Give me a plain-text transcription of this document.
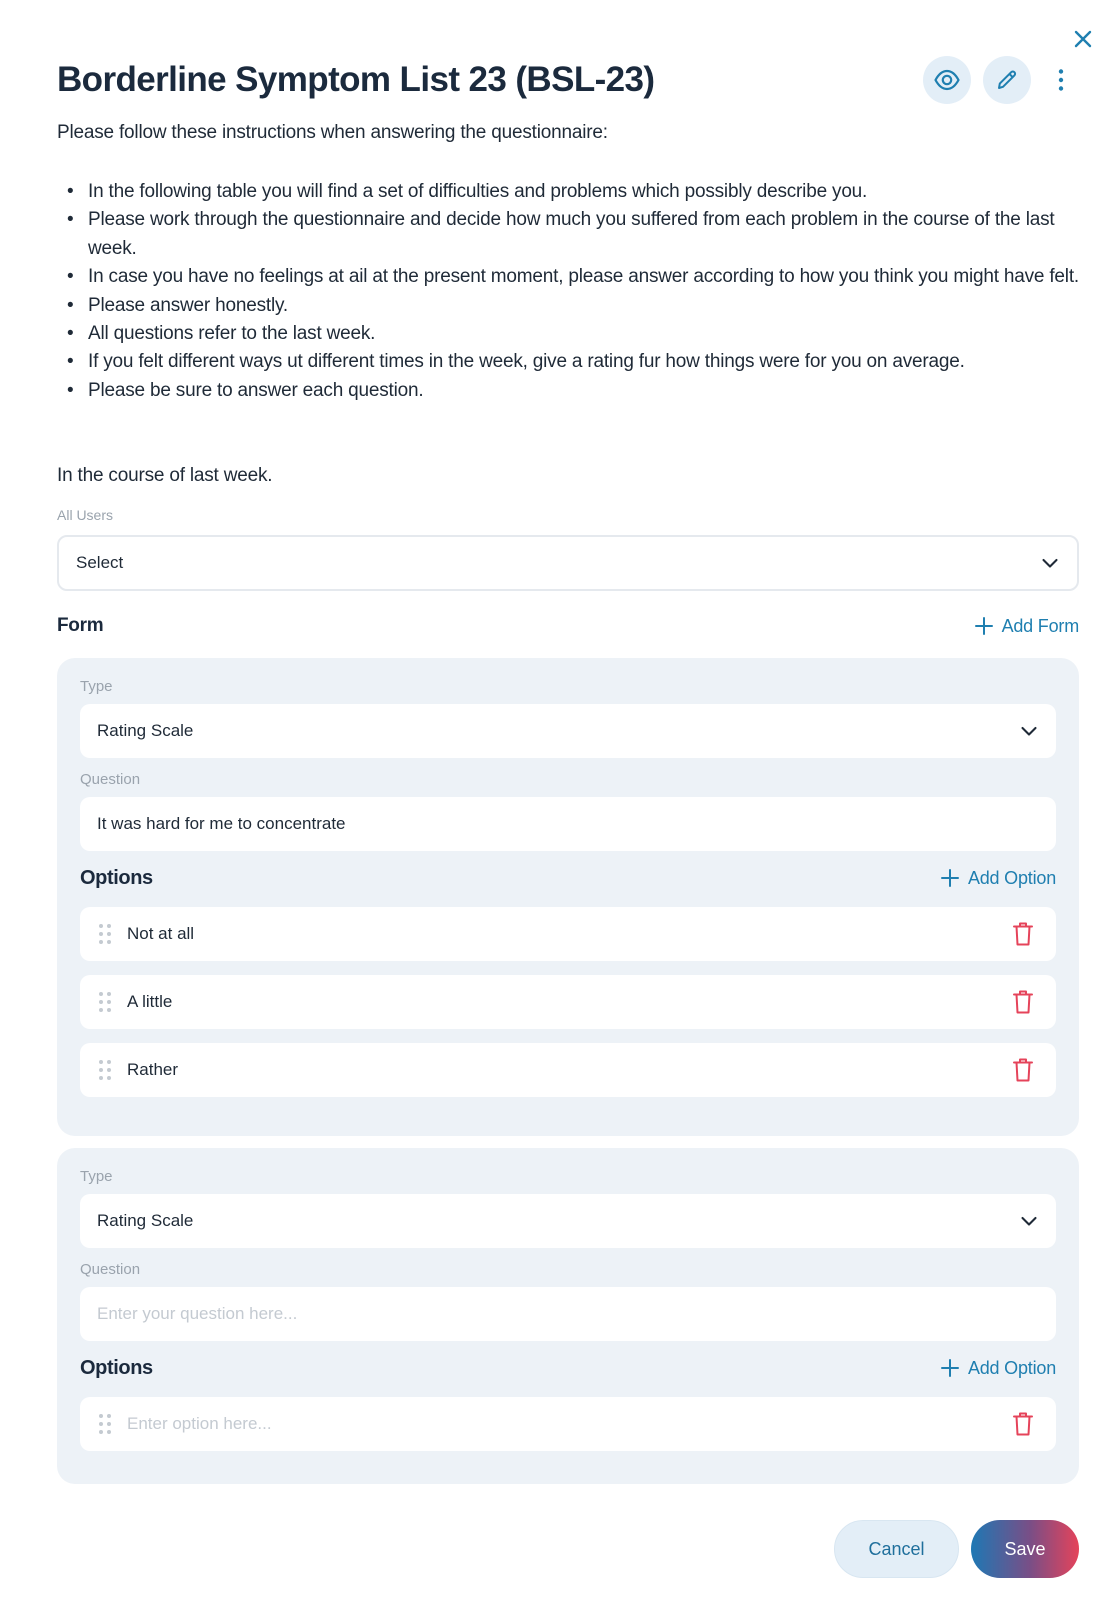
Borderline Symptom List 23 (BSL-23)

Please follow these instructions when answering the questionnaire:

• In the following table you will find a set of difficulties and problems which possibly describe you.
• Please work through the questionnaire and decide how much you suffered from each problem in the course of the last week.
• In case you have no feelings at ail at the present moment, please answer according to how you think you might have felt.
• Please answer honestly.
• All questions refer to the last week.
• If you felt different ways ut different times in the week, give a rating fur how things were for you on average.
• Please be sure to answer each question.

In the course of last week.

All Users
Select
Form	Add Form
Type
Rating Scale
Question
It was hard for me to concentrate
Options	Add Option
Not at all
A little
Rather
Type
Rating Scale
Question
Enter your question here...
Options	Add Option
Enter option here...
Cancel	Save
